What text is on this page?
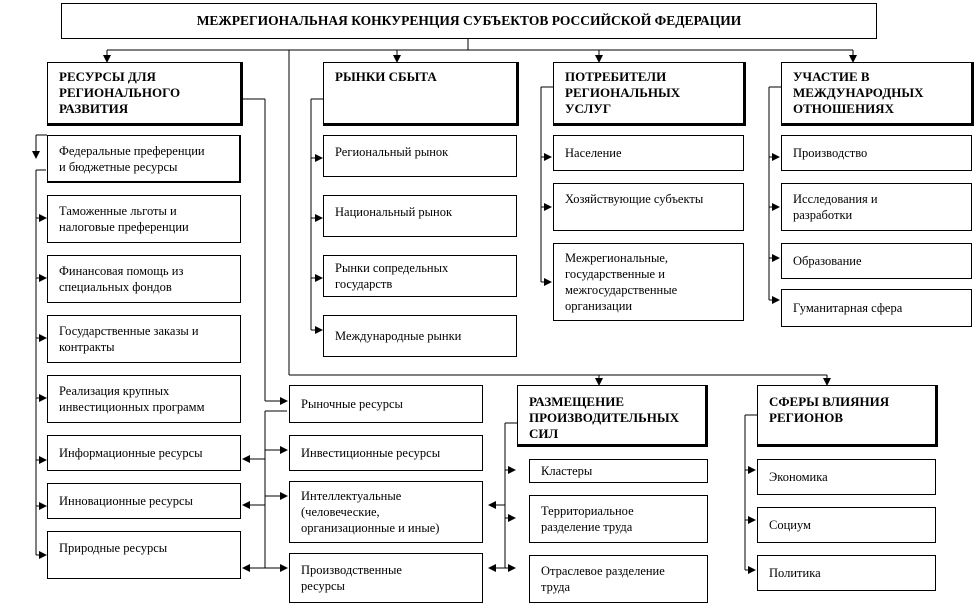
МЕЖРЕГИОНАЛЬНАЯ КОНКУРЕНЦИЯ СУБЪЕКТОВ РОССИЙСКОЙ ФЕДЕРАЦИИ
РЕСУРСЫ ДЛЯ
РЕГИОНАЛЬНОГО
РАЗВИТИЯ
Федеральные преференции
и бюджетные ресурсы
Таможенные льготы и
налоговые преференции
Финансовая помощь из
специальных фондов
Государственные заказы и
контракты
Реализация крупных
инвестиционных программ
Информационные ресурсы
Инновационные ресурсы
Природные ресурсы
РЫНКИ СБЫТА
Региональный рынок
Национальный рынок
Рынки сопредельных
государств
Международные рынки
ПОТРЕБИТЕЛИ
РЕГИОНАЛЬНЫХ
УСЛУГ
Население
Хозяйствующие субъекты
Межрегиональные,
государственные и
межгосударственные
организации
УЧАСТИЕ В
МЕЖДУНАРОДНЫХ
ОТНОШЕНИЯХ
Производство
Исследования и
разработки
Образование
Гуманитарная сфера
Рыночные ресурсы
Инвестиционные ресурсы
Интеллектуальные
(человеческие,
организационные и иные)
Производственные
ресурсы
РАЗМЕЩЕНИЕ
ПРОИЗВОДИТЕЛЬНЫХ
СИЛ
Кластеры
Территориальное
разделение труда
Отраслевое разделение
труда
СФЕРЫ ВЛИЯНИЯ
РЕГИОНОВ
Экономика
Социум
Политика
